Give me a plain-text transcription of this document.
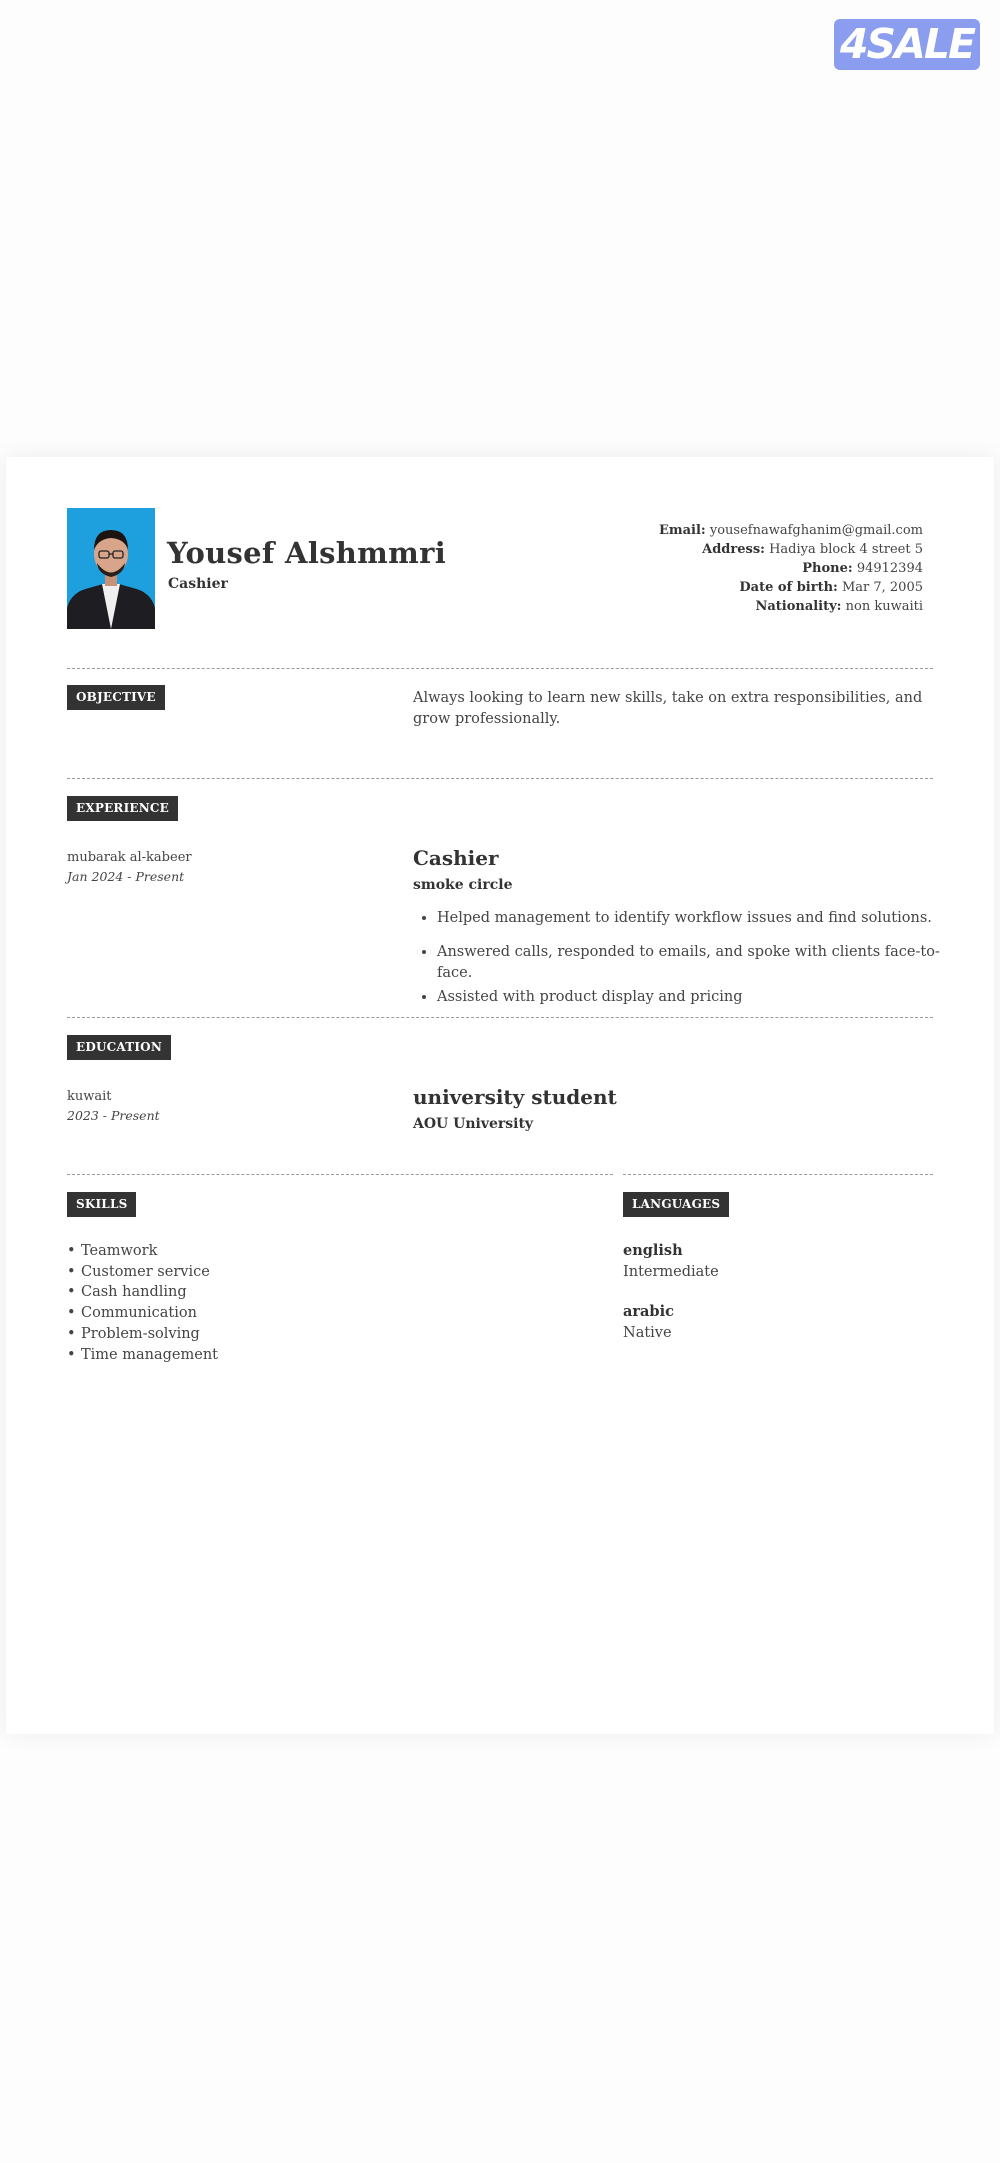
4SALE
Yousef Alshmmri
Cashier
Email: yousefnawafghanim@gmail.com
Address: Hadiya block 4 street 5
Phone: 94912394
Date of birth: Mar 7, 2005
Nationality: non kuwaiti
OBJECTIVE	Always looking to learn new skills, take on extra responsibilities, and grow professionally.
EXPERIENCE
mubarak al-kabeer
Jan 2024 - Present
Cashier
smoke circle
• Helped management to identify workflow issues and find solutions.
• Answered calls, responded to emails, and spoke with clients face-to-face.
• Assisted with product display and pricing
EDUCATION
kuwait
2023 - Present
university student
AOU University
SKILLS
• Teamwork
• Customer service
• Cash handling
• Communication
• Problem-solving
• Time management
LANGUAGES
english
Intermediate
arabic
Native
